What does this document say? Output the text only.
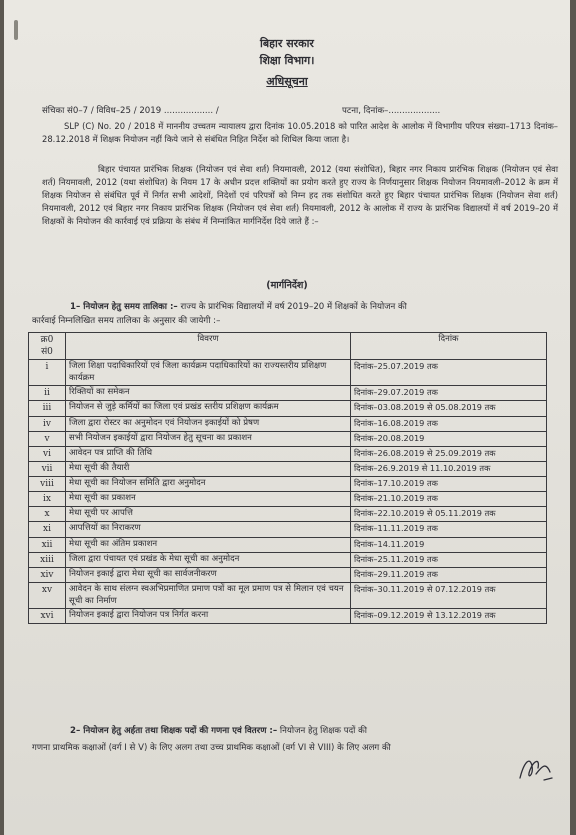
बिहार सरकार
शिक्षा विभाग।
अधिसूचना
संचिका सं0–7 / विविध–25 / 2019 .................. /	पटना, दिनांक–...................
SLP (C) No. 20 / 2018 में माननीय उच्चतम न्यायालय द्वारा दिनांक 10.05.2018 को पारित आदेश के आलोक में विभागीय परिपत्र संख्या–1713 दिनांक–28.12.2018 में शिक्षक नियोजन नहीं किये जाने से संबंधित निहित निर्देश को शिथिल किया जाता है।
बिहार पंचायत प्रारंभिक शिक्षक (नियोजन एवं सेवा शर्त) नियमावली, 2012 (यथा संशोधित), बिहार नगर निकाय प्रारंभिक शिक्षक (नियोजन एवं सेवा शर्त) नियमावली, 2012 (यथा संशोधित) के नियम 17 के अधीन प्रदत्त शक्तियों का प्रयोग करते हुए राज्य के निर्णयानुसार शिक्षक नियोजन नियमावली–2012 के क्रम में शिक्षक नियोजन से संबंधित पूर्व में निर्गत सभी आदेशों, निदेशों एवं परिपत्रों को निम्न हद तक संशोधित करते हुए बिहार पंचायत प्रारंभिक शिक्षक (नियोजन सेवा शर्त) नियमावली, 2012 एवं बिहार नगर निकाय प्रारंभिक शिक्षक (नियोजन एवं सेवा शर्त) नियमावली, 2012 के आलोक में राज्य के प्रारंभिक विद्यालयों में वर्ष 2019–20 में शिक्षकों के नियोजन की कार्रवाई एवं प्रक्रिया के संबंध में निम्नांकित मार्गनिर्देश दिये जाते हैं :–
(मार्गनिर्देश)
1– नियोजन हेतु समय तालिका :– राज्य के प्रारंभिक विद्यालयों में वर्ष 2019–20 में शिक्षकों के नियोजन की
कार्रवाई निम्नलिखित समय तालिका के अनुसार की जायेगी :–
क्र0
सं0	विवरण	दिनांक
i	जिला शिक्षा पदाधिकारियों एवं जिला कार्यक्रम पदाधिकारियों का राज्यस्तरीय प्रशिक्षण कार्यक्रम	दिनांक–25.07.2019 तक
ii	रिक्तियों का समेकन	दिनांक–29.07.2019 तक
iii	नियोजन से जुड़े कर्मियों का जिला एवं प्रखंड स्तरीय प्रशिक्षण कार्यक्रम	दिनांक–03.08.2019 से 05.08.2019 तक
iv	जिला द्वारा रोस्टर का अनुमोदन एवं नियोजन इकाईयों को प्रेषण	दिनांक–16.08.2019 तक
v	सभी नियोजन इकाईयों द्वारा नियोजन हेतु सूचना का प्रकाशन	दिनांक–20.08.2019
vi	आवेदन पत्र प्राप्ति की तिथि	दिनांक–26.08.2019 से 25.09.2019 तक
vii	मेधा सूची की तैयारी	दिनांक–26.9.2019 से 11.10.2019 तक
viii	मेधा सूची का नियोजन समिति द्वारा अनुमोदन	दिनांक–17.10.2019 तक
ix	मेधा सूची का प्रकाशन	दिनांक–21.10.2019 तक
x	मेधा सूची पर आपत्ति	दिनांक–22.10.2019 से 05.11.2019 तक
xi	आपत्तियों का निराकरण	दिनांक–11.11.2019 तक
xii	मेधा सूची का अंतिम प्रकाशन	दिनांक–14.11.2019
xiii	जिला द्वारा पंचायत एवं प्रखंड के मेधा सूची का अनुमोदन	दिनांक–25.11.2019 तक
xiv	नियोजन इकाई द्वारा मेधा सूची का सार्वजनीकरण	दिनांक–29.11.2019 तक
xv	आवेदन के साथ संलग्न स्वअभिप्रमाणित प्रमाण पत्रों का मूल प्रमाण पत्र से मिलान एवं चयन सूची का निर्माण	दिनांक–30.11.2019 से 07.12.2019 तक
xvi	नियोजन इकाई द्वारा नियोजन पत्र निर्गत करना	दिनांक–09.12.2019 से 13.12.2019 तक
2– नियोजन हेतु अर्हता तथा शिक्षक पदों की गणना एवं वितरण :– नियोजन हेतु शिक्षक पदों की
गणना प्राथमिक कक्षाओं (वर्ग I से V) के लिए अलग तथा उच्च प्राथमिक कक्षाओं (वर्ग VI से VIII) के लिए अलग की
